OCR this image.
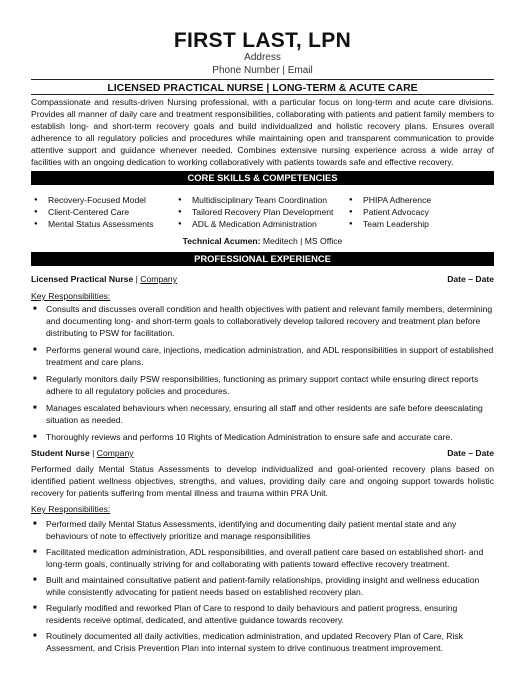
FIRST LAST, LPN
Address
Phone Number | Email
LICENSED PRACTICAL NURSE | LONG-TERM & ACUTE CARE
Compassionate and results-driven Nursing professional, with a particular focus on long-term and acute care divisions. Provides all manner of daily care and treatment responsibilities, collaborating with patients and patient family members to establish long- and short-term recovery goals and build individualized and holistic recovery plans. Ensures overall adherence to all regulatory policies and procedures while maintaining open and transparent communication to provide attentive support and guidance whenever needed. Combines extensive nursing experience across a wide array of facilities with an ongoing dedication to working collaboratively with patients towards safe and effective recovery.
CORE SKILLS & COMPETENCIES
● Recovery-Focused Model
● Client-Centered Care
● Mental Status Assessments
● Multidisciplinary Team Coordination
● Tailored Recovery Plan Development
● ADL & Medication Administration
● PHIPA Adherence
● Patient Advocacy
● Team Leadership
Technical Acumen: Meditech | MS Office
PROFESSIONAL EXPERIENCE
Licensed Practical Nurse | Company	Date – Date
Key Responsibilities:
■ Consults and discusses overall condition and health objectives with patient and relevant family members, determining and documenting long- and short-term goals to collaboratively develop tailored recovery and treatment plan before distributing to PSW for facilitation.
■ Performs general wound care, injections, medication administration, and ADL responsibilities in support of established treatment and care plans.
■ Regularly monitors daily PSW responsibilities, functioning as primary support contact while ensuring direct reports adhere to all regulatory policies and procedures.
■ Manages escalated behaviours when necessary, ensuring all staff and other residents are safe before deescalating situation as needed.
■ Thoroughly reviews and performs 10 Rights of Medication Administration to ensure safe and accurate care.
Student Nurse | Company	Date – Date
Performed daily Mental Status Assessments to develop individualized and goal-oriented recovery plans based on identified patient wellness objectives, strengths, and values, providing daily care and ongoing support towards holistic recovery for patients suffering from mental illness and trauma within PRA Unit.
Key Responsibilities:
■ Performed daily Mental Status Assessments, identifying and documenting daily patient mental state and any behaviours of note to effectively prioritize and manage responsibilities
■ Facilitated medication administration, ADL responsibilities, and overall patient care based on established short- and long-term goals, continually striving for and collaborating with patients toward effective recovery treatment.
■ Built and maintained consultative patient and patient-family relationships, providing insight and wellness education while consistently advocating for patient needs based on established recovery plan.
■ Regularly modified and reworked Plan of Care to respond to daily behaviours and patient progress, ensuring residents receive optimal, dedicated, and attentive guidance towards recovery.
■ Routinely documented all daily activities, medication administration, and updated Recovery Plan of Care, Risk Assessment, and Crisis Prevention Plan into internal system to drive continuous treatment improvement.
